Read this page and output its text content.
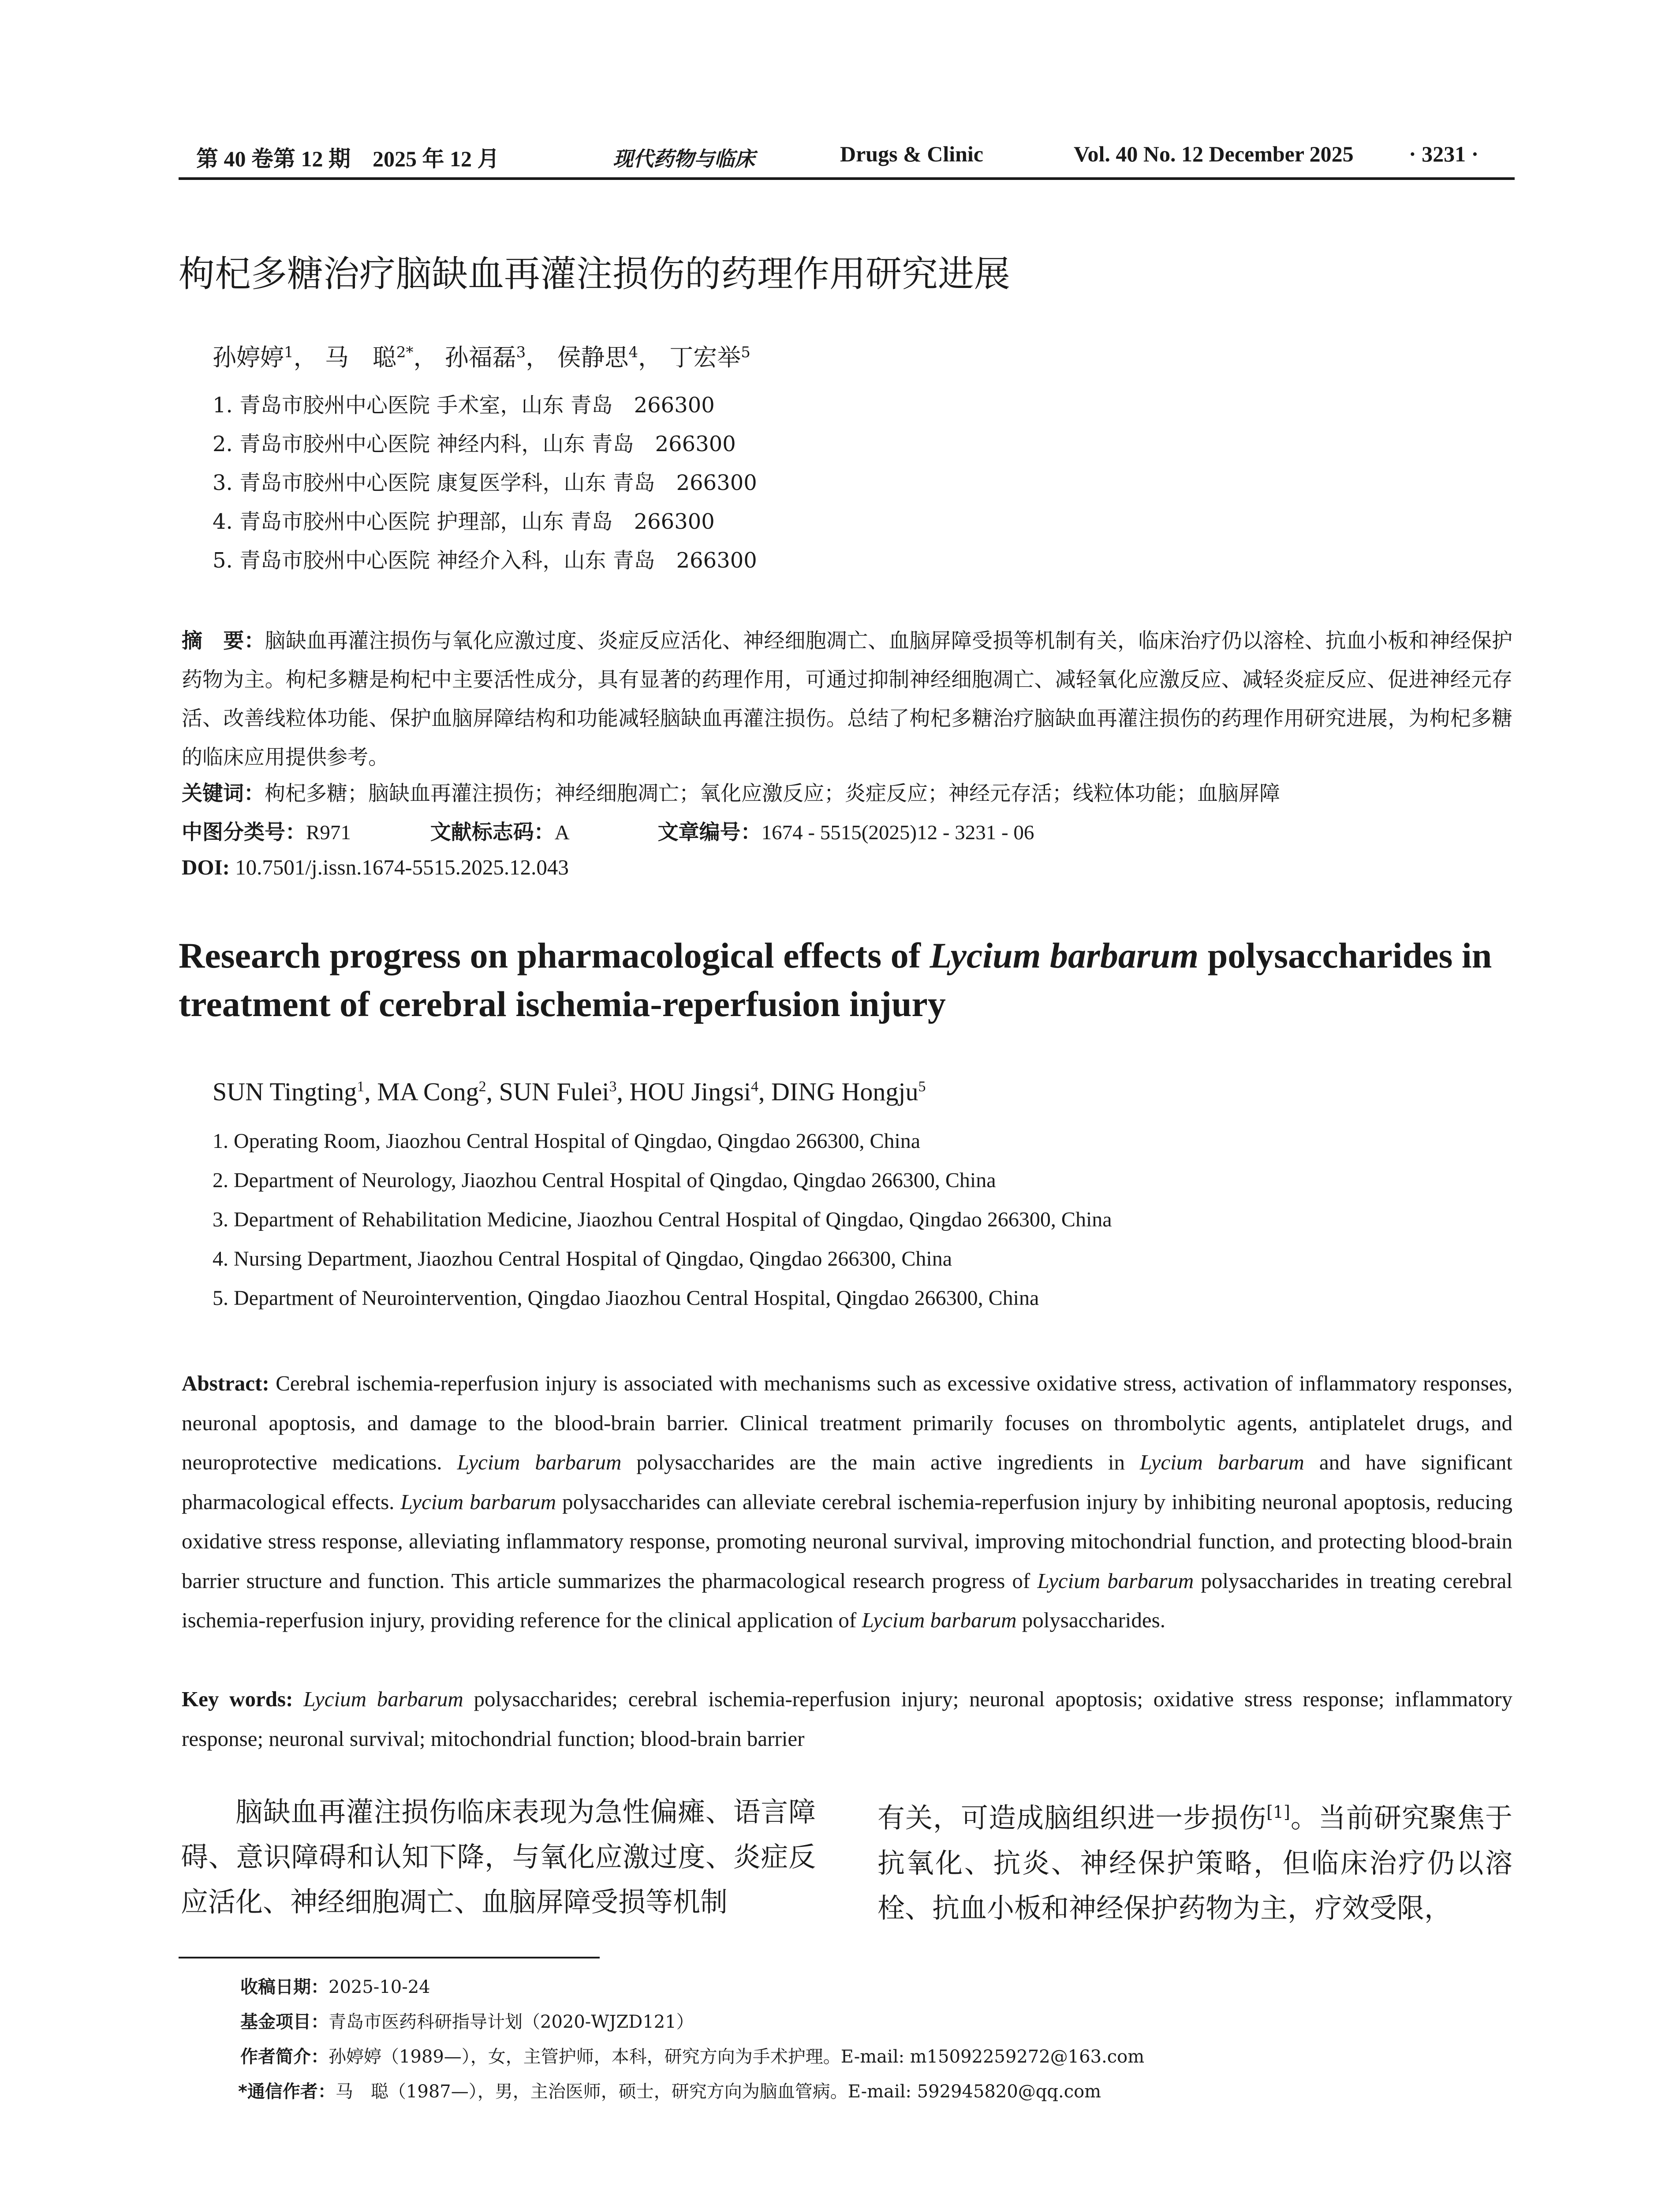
第 40 卷第 12 期　2025 年 12 月	现代药物与临床	Drugs & Clinic	Vol. 40 No. 12 December 2025	· 3231 ·
枸杞多糖治疗脑缺血再灌注损伤的药理作用研究进展
孙婷婷$^1$， 马　聪$^{2*}$， 孙福磊$^3$， 侯静思$^4$， 丁宏举$^5$
1. 青岛市胶州中心医院 手术室，山东 青岛　266300
2. 青岛市胶州中心医院 神经内科，山东 青岛　266300
3. 青岛市胶州中心医院 康复医学科，山东 青岛　266300
4. 青岛市胶州中心医院 护理部，山东 青岛　266300
5. 青岛市胶州中心医院 神经介入科，山东 青岛　266300
摘　要：脑缺血再灌注损伤与氧化应激过度、炎症反应活化、神经细胞凋亡、血脑屏障受损等机制有关，临床治疗仍以溶栓、抗血小板和神经保护药物为主。枸杞多糖是枸杞中主要活性成分，具有显著的药理作用，可通过抑制神经细胞凋亡、减轻氧化应激反应、减轻炎症反应、促进神经元存活、改善线粒体功能、保护血脑屏障结构和功能减轻脑缺血再灌注损伤。总结了枸杞多糖治疗脑缺血再灌注损伤的药理作用研究进展，为枸杞多糖的临床应用提供参考。
关键词：枸杞多糖；脑缺血再灌注损伤；神经细胞凋亡；氧化应激反应；炎症反应；神经元存活；线粒体功能；血脑屏障
中图分类号：R971	文献标志码：A	文章编号：1674 - 5515(2025)12 - 3231 - 06
DOI: 10.7501/j.issn.1674-5515.2025.12.043
Research progress on pharmacological effects of Lycium barbarum polysaccharides in treatment of cerebral ischemia-reperfusion injury
SUN Tingting$^1$, MA Cong$^2$, SUN Fulei$^3$, HOU Jingsi$^4$, DING Hongju$^5$
1. Operating Room, Jiaozhou Central Hospital of Qingdao, Qingdao 266300, China
2. Department of Neurology, Jiaozhou Central Hospital of Qingdao, Qingdao 266300, China
3. Department of Rehabilitation Medicine, Jiaozhou Central Hospital of Qingdao, Qingdao 266300, China
4. Nursing Department, Jiaozhou Central Hospital of Qingdao, Qingdao 266300, China
5. Department of Neurointervention, Qingdao Jiaozhou Central Hospital, Qingdao 266300, China
Abstract: Cerebral ischemia-reperfusion injury is associated with mechanisms such as excessive oxidative stress, activation of inflammatory responses, neuronal apoptosis, and damage to the blood-brain barrier. Clinical treatment primarily focuses on thrombolytic agents, antiplatelet drugs, and neuroprotective medications. Lycium barbarum polysaccharides are the main active ingredients in Lycium barbarum and have significant pharmacological effects. Lycium barbarum polysaccharides can alleviate cerebral ischemia-reperfusion injury by inhibiting neuronal apoptosis, reducing oxidative stress response, alleviating inflammatory response, promoting neuronal survival, improving mitochondrial function, and protecting blood-brain barrier structure and function. This article summarizes the pharmacological research progress of Lycium barbarum polysaccharides in treating cerebral ischemia-reperfusion injury, providing reference for the clinical application of Lycium barbarum polysaccharides.
Key words: Lycium barbarum polysaccharides; cerebral ischemia-reperfusion injury; neuronal apoptosis; oxidative stress response; inflammatory response; neuronal survival; mitochondrial function; blood-brain barrier
脑缺血再灌注损伤临床表现为急性偏瘫、语言障碍、意识障碍和认知下降，与氧化应激过度、炎症反应活化、神经细胞凋亡、血脑屏障受损等机制
有关，可造成脑组织进一步损伤[1]。当前研究聚焦于抗氧化、抗炎、神经保护策略，但临床治疗仍以溶栓、抗血小板和神经保护药物为主，疗效受限，
收稿日期：2025-10-24
基金项目：青岛市医药科研指导计划（2020-WJZD121）
作者简介：孙婷婷（1989—），女，主管护师，本科，研究方向为手术护理。E-mail: m15092259272@163.com
*通信作者：马　聪（1987—），男，主治医师，硕士，研究方向为脑血管病。E-mail: 592945820@qq.com
